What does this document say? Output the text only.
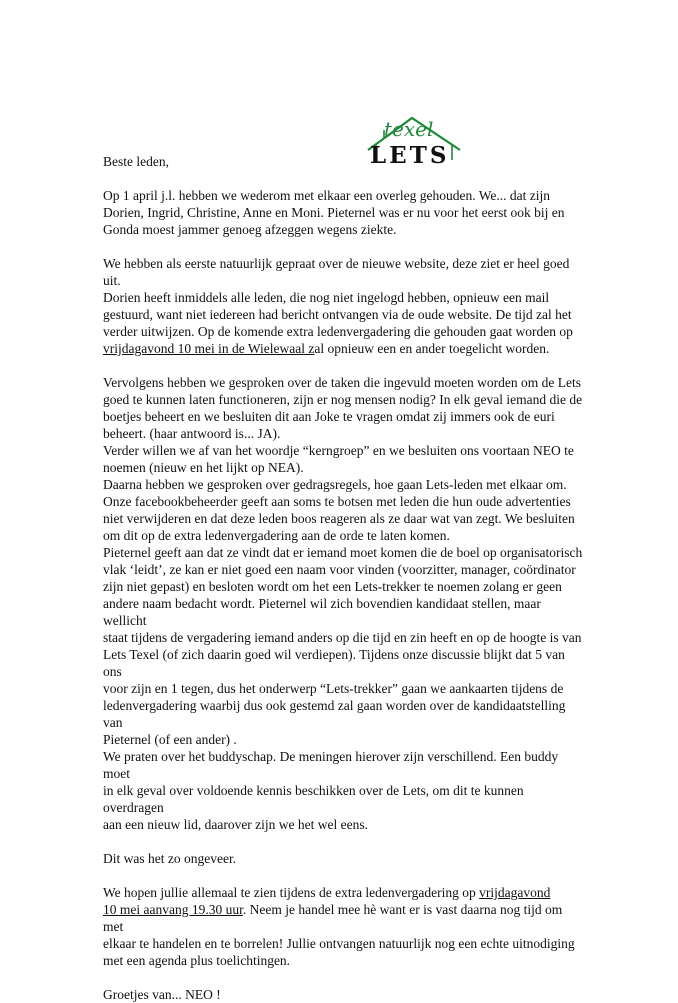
texel
LETS

Beste leden,

Op 1 april j.l. hebben we wederom met elkaar een overleg gehouden. We... dat zijn
Dorien, Ingrid, Christine, Anne en Moni. Pieternel was er nu voor het eerst ook bij en
Gonda moest jammer genoeg afzeggen wegens ziekte.

We hebben als eerste natuurlijk gepraat over de nieuwe website, deze ziet er heel goed uit.
Dorien heeft inmiddels alle leden, die nog niet ingelogd hebben, opnieuw een mail
gestuurd, want niet iedereen had bericht ontvangen via de oude website. De tijd zal het
verder uitwijzen. Op de komende extra ledenvergadering die gehouden gaat worden op
vrijdagavond 10 mei in de Wielewaal zal opnieuw een en ander toegelicht worden.

Vervolgens hebben we gesproken over de taken die ingevuld moeten worden om de Lets
goed te kunnen laten functioneren, zijn er nog mensen nodig? In elk geval iemand die de
boetjes beheert en we besluiten dit aan Joke te vragen omdat zij immers ook de euri
beheert. (haar antwoord is... JA).
Verder willen we af van het woordje “kerngroep” en we besluiten ons voortaan NEO te
noemen (nieuw en het lijkt op NEA).
Daarna hebben we gesproken over gedragsregels, hoe gaan Lets-leden met elkaar om.
Onze facebookbeheerder geeft aan soms te botsen met leden die hun oude advertenties
niet verwijderen en dat deze leden boos reageren als ze daar wat van zegt. We besluiten
om dit op de extra ledenvergadering aan de orde te laten komen.
Pieternel geeft aan dat ze vindt dat er iemand moet komen die de boel op organisatorisch
vlak ‘leidt’, ze kan er niet goed een naam voor vinden (voorzitter, manager, coördinator
zijn niet gepast) en besloten wordt om het een Lets-trekker te noemen zolang er geen
andere naam bedacht wordt. Pieternel wil zich bovendien kandidaat stellen, maar wellicht
staat tijdens de vergadering iemand anders op die tijd en zin heeft en op de hoogte is van
Lets Texel (of zich daarin goed wil verdiepen). Tijdens onze discussie blijkt dat 5 van ons
voor zijn en 1 tegen, dus het onderwerp “Lets-trekker” gaan we aankaarten tijdens de
ledenvergadering waarbij dus ook gestemd zal gaan worden over de kandidaatstelling van
Pieternel (of een ander) .
We praten over het buddyschap. De meningen hierover zijn verschillend. Een buddy moet
in elk geval over voldoende kennis beschikken over de Lets, om dit te kunnen overdragen
aan een nieuw lid, daarover zijn we het wel eens.

Dit was het zo ongeveer.

We hopen jullie allemaal te zien tijdens de extra ledenvergadering op vrijdagavond
10 mei aanvang 19.30 uur. Neem je handel mee hè want er is vast daarna nog tijd om met
elkaar te handelen en te borrelen! Jullie ontvangen natuurlijk nog een echte uitnodiging
met een agenda plus toelichtingen.

Groetjes van... NEO !
